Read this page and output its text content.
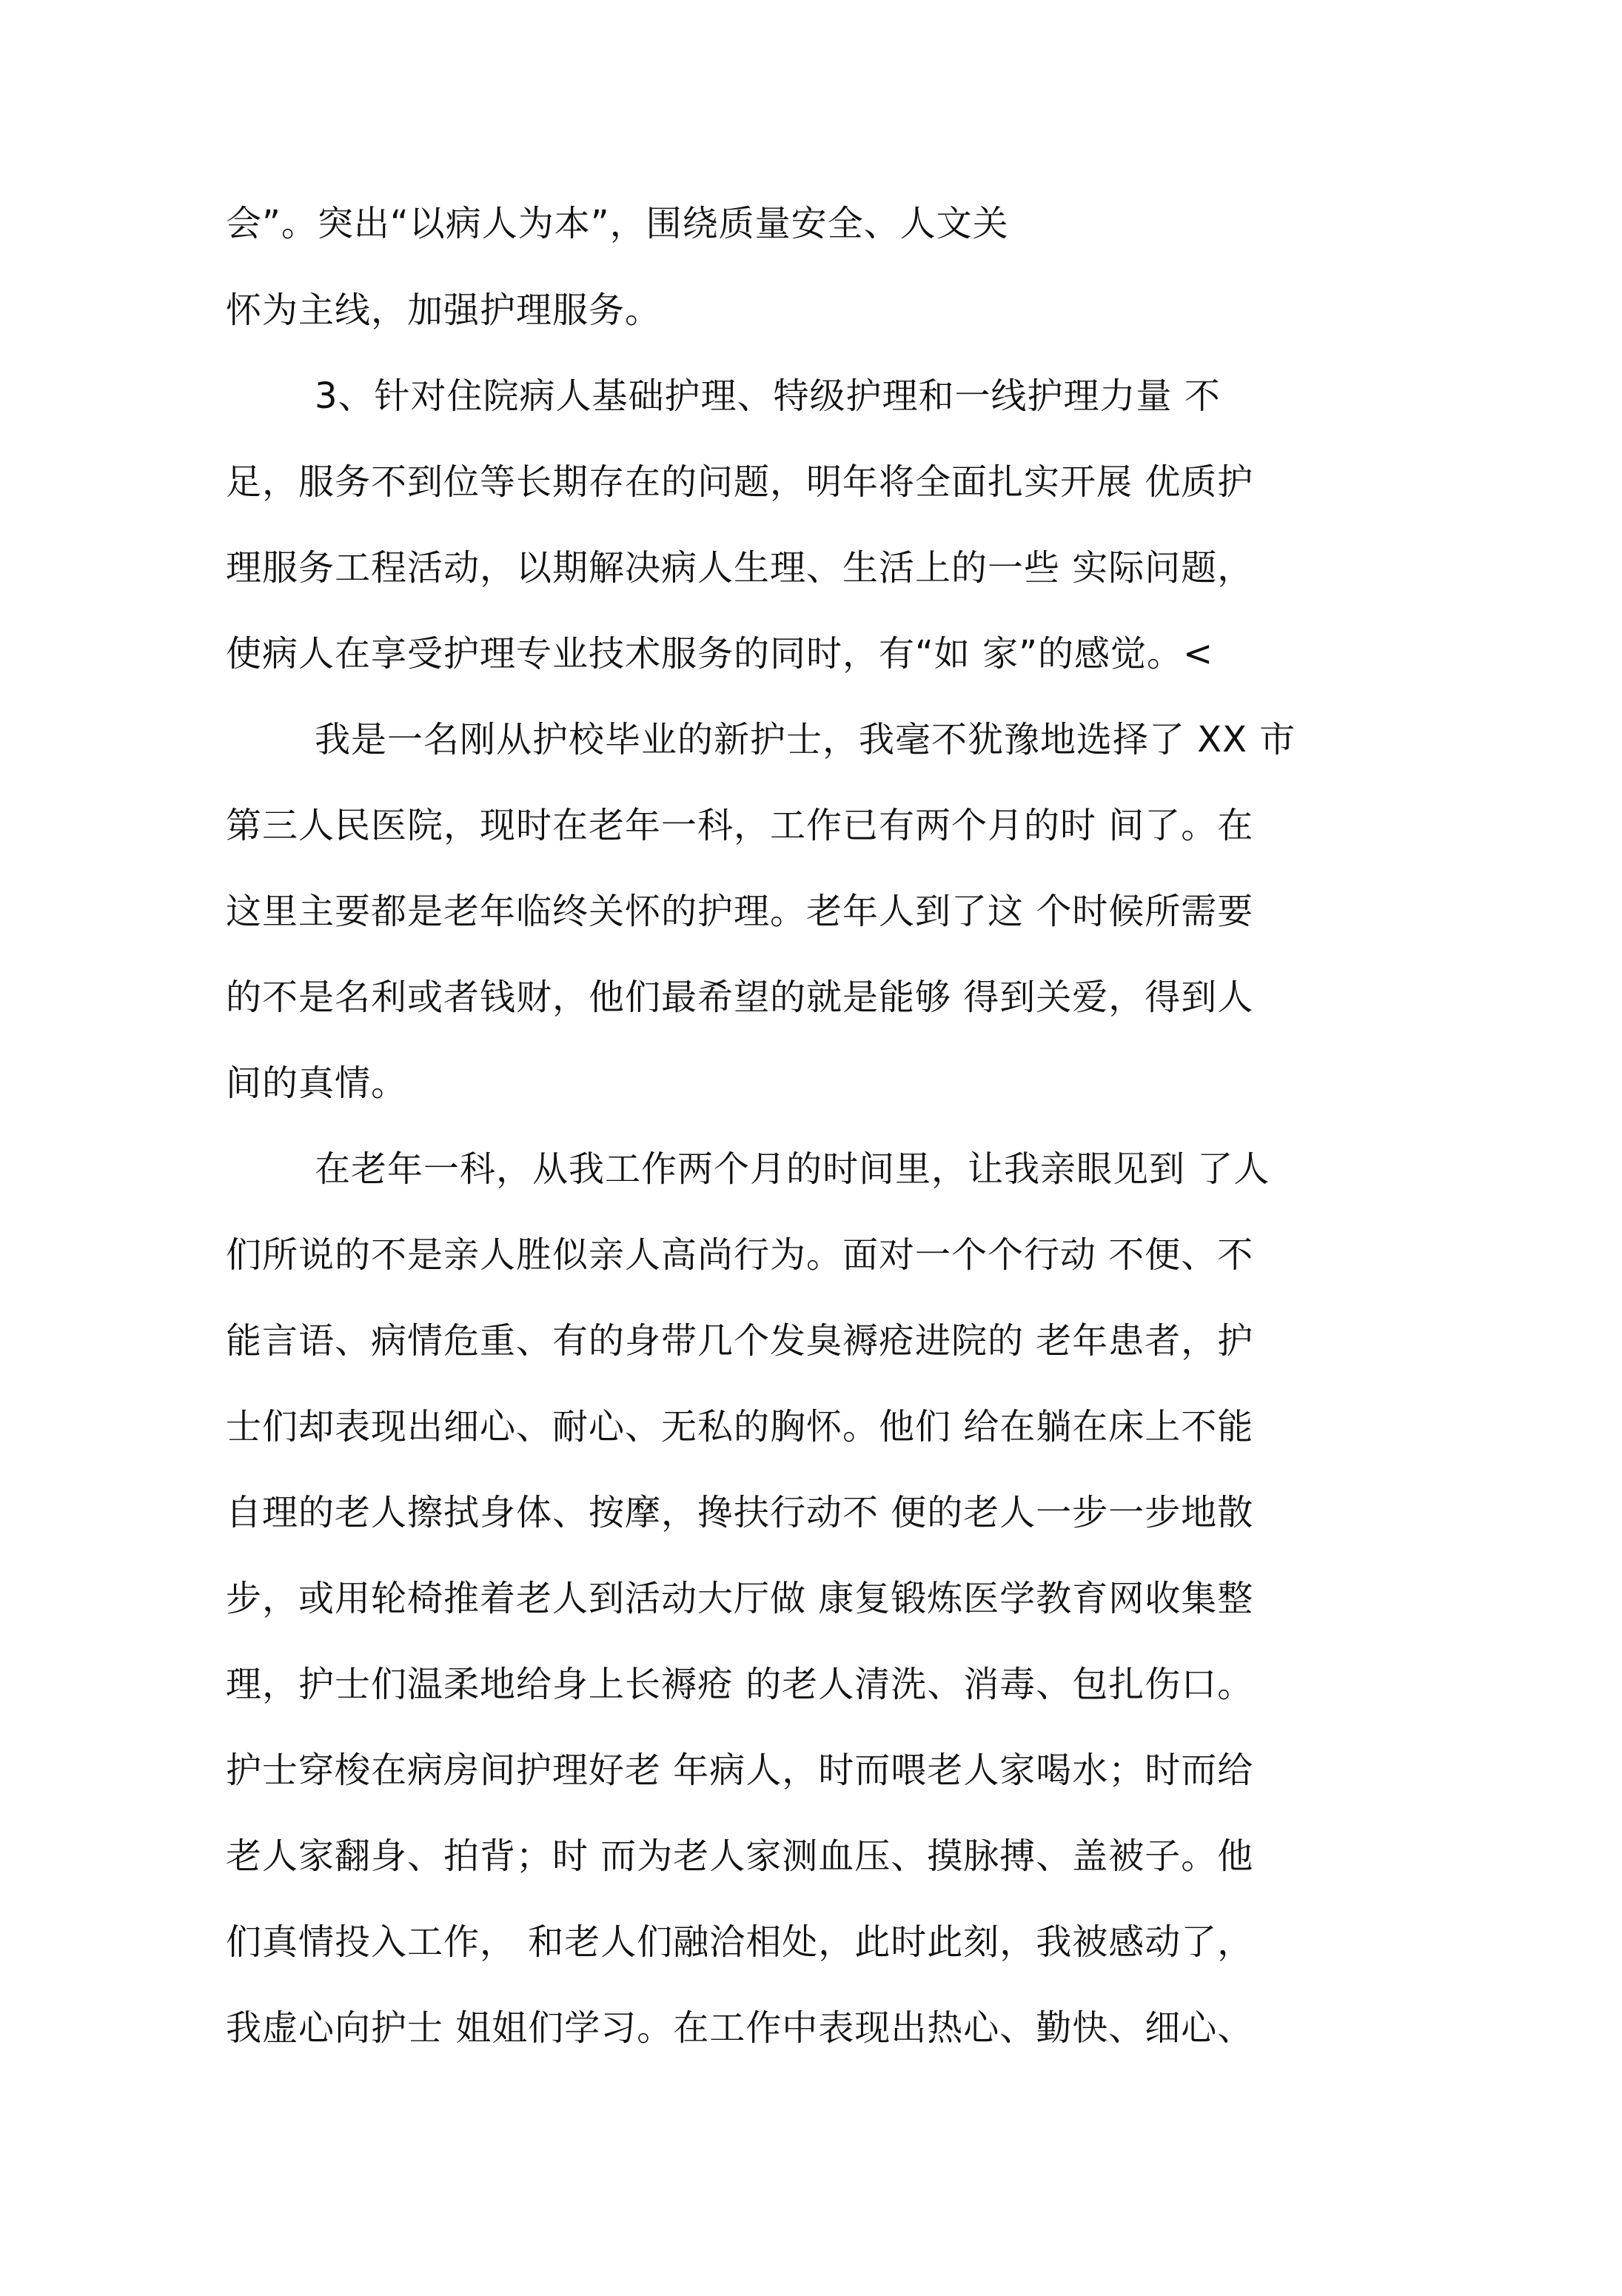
会”。突出“以病人为本”，围绕质量安全、人文关
怀为主线，加强护理服务。
3、针对住院病人基础护理、特级护理和一线护理力量 不
足，服务不到位等长期存在的问题，明年将全面扎实开展 优质护
理服务工程活动，以期解决病人生理、生活上的一些 实际问题，
使病人在享受护理专业技术服务的同时，有“如 家”的感觉。<
我是一名刚从护校毕业的新护士，我毫不犹豫地选择了 XX 市
第三人民医院，现时在老年一科，工作已有两个月的时 间了。在
这里主要都是老年临终关怀的护理。老年人到了这 个时候所需要
的不是名利或者钱财，他们最希望的就是能够 得到关爱，得到人
间的真情。
在老年一科，从我工作两个月的时间里，让我亲眼见到 了人
们所说的不是亲人胜似亲人高尚行为。面对一个个行动 不便、不
能言语、病情危重、有的身带几个发臭褥疮进院的 老年患者，护
士们却表现出细心、耐心、无私的胸怀。他们 给在躺在床上不能
自理的老人擦拭身体、按摩，搀扶行动不 便的老人一步一步地散
步，或用轮椅推着老人到活动大厅做 康复锻炼医学教育网收集整
理，护士们温柔地给身上长褥疮 的老人清洗、消毒、包扎伤口。
护士穿梭在病房间护理好老 年病人，时而喂老人家喝水；时而给
老人家翻身、拍背；时 而为老人家测血压、摸脉搏、盖被子。他
们真情投入工作， 和老人们融洽相处，此时此刻，我被感动了，
我虚心向护士 姐姐们学习。在工作中表现出热心、勤快、细心、
